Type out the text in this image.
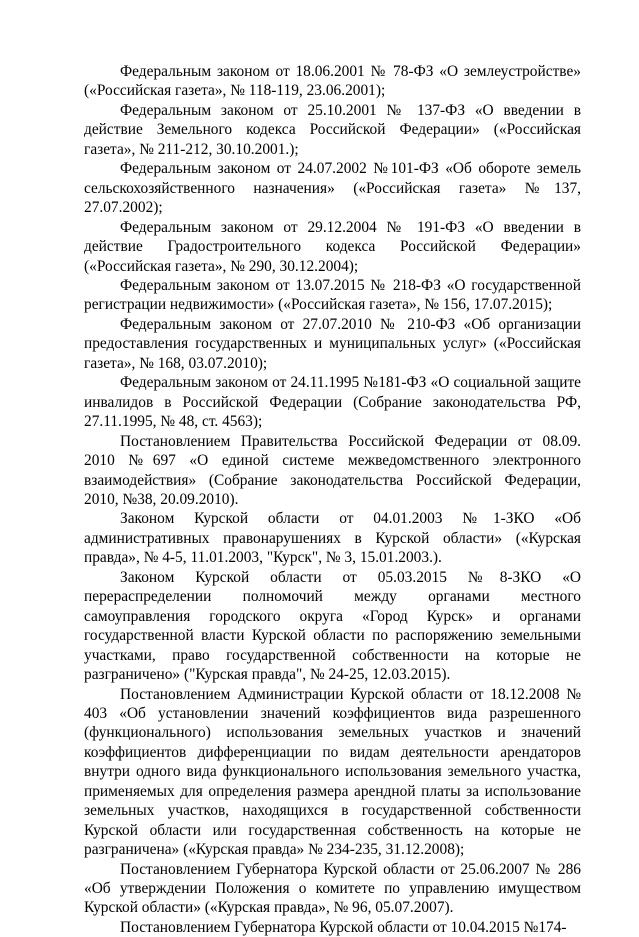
Федеральным законом от 18.06.2001 № 78-ФЗ «О землеустройстве» («Российская газета», № 118-119, 23.06.2001);

Федеральным законом от 25.10.2001 № 137-ФЗ «О введении в действие Земельного кодекса Российской Федерации» («Российская газета», № 211-212, 30.10.2001.);

Федеральным законом от 24.07.2002 №101-ФЗ «Об обороте земель сельскохозяйственного назначения» («Российская газета» №137, 27.07.2002);

Федеральным законом от 29.12.2004 № 191-ФЗ «О введении в действие Градостроительного кодекса Российской Федерации» («Российская газета», № 290, 30.12.2004);

Федеральным законом от 13.07.2015 № 218-ФЗ «О государственной регистрации недвижимости» («Российская газета», № 156, 17.07.2015);

Федеральным законом от 27.07.2010 № 210-ФЗ «Об организации предоставления государственных и муниципальных услуг» («Российская газета», № 168, 03.07.2010);

Федеральным законом от 24.11.1995 №181-ФЗ «О социальной защите инвалидов в Российской Федерации (Собрание законодательства РФ, 27.11.1995, № 48, ст. 4563);

Постановлением Правительства Российской Федерации от 08.09. 2010 №697 «О единой системе межведомственного электронного взаимодействия» (Собрание законодательства Российской Федерации, 2010, №38, 20.09.2010).

Законом Курской области от 04.01.2003 №1-ЗКО «Об административных правонарушениях в Курской области» («Курская правда», № 4-5, 11.01.2003, "Курск", № 3, 15.01.2003.).

Законом Курской области от 05.03.2015 №8-ЗКО «О перераспределении полномочий между органами местного самоуправления городского округа «Город Курск» и органами государственной власти Курской области по распоряжению земельными участками, право государственной собственности на которые не разграничено» ("Курская правда", № 24-25, 12.03.2015).

Постановлением Администрации Курской области от 18.12.2008 № 403 «Об установлении значений коэффициентов вида разрешенного (функционального) использования земельных участков и значений коэффициентов дифференциации по видам деятельности арендаторов внутри одного вида функционального использования земельного участка, применяемых для определения размера арендной платы за использование земельных участков, находящихся в государственной собственности Курской области или государственная собственность на которые не разграничена» («Курская правда» № 234-235, 31.12.2008);

Постановлением Губернатора Курской области от 25.06.2007 № 286 «Об утверждении Положения о комитете по управлению имуществом Курской области» («Курская правда», № 96, 05.07.2007).

Постановлением Губернатора Курской области от 10.04.2015 №174-
